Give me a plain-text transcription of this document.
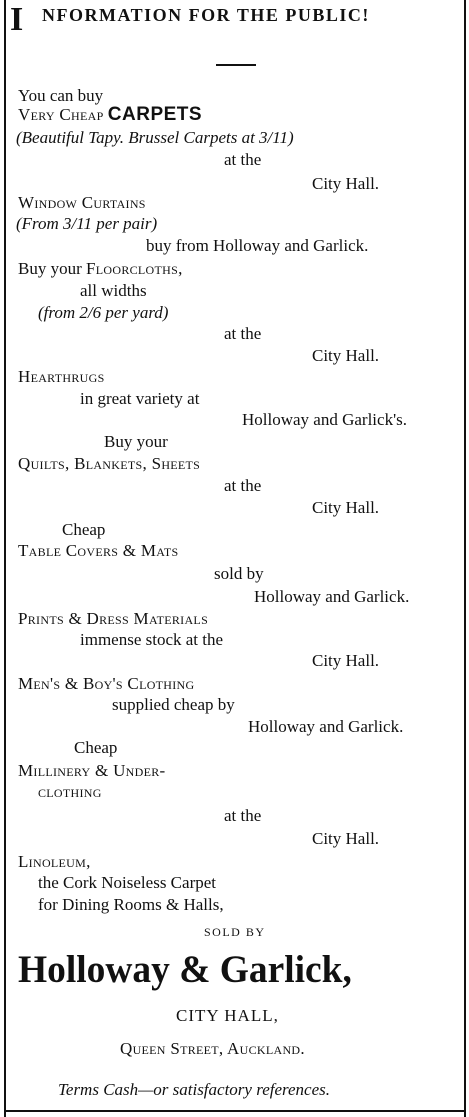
I NFORMATION FOR THE PUBLIC!
You can buy
Very Cheap CARPETS
(Beautiful Tapy. Brussel Carpets at 3/11)
at the
City Hall.
Window Curtains
(From 3/11 per pair)
buy from Holloway and Garlick.
Buy your Floorcloths,
all widths
(from 2/6 per yard)
at the
City Hall.
Hearthrugs
in great variety at
Holloway and Garlick's.
Buy your
Quilts, Blankets, Sheets
at the
City Hall.
Cheap
Table Covers & Mats
sold by
Holloway and Garlick.
Prints & Dress Materials
immense stock at the
City Hall.
Men's & Boy's Clothing
supplied cheap by
Holloway and Garlick.
Cheap
Millinery & Under-
clothing
at the
City Hall.
Linoleum,
the Cork Noiseless Carpet
for Dining Rooms & Halls,
SOLD BY
Holloway & Garlick,
CITY HALL,
Queen Street, Auckland.
Terms Cash—or satisfactory references.
